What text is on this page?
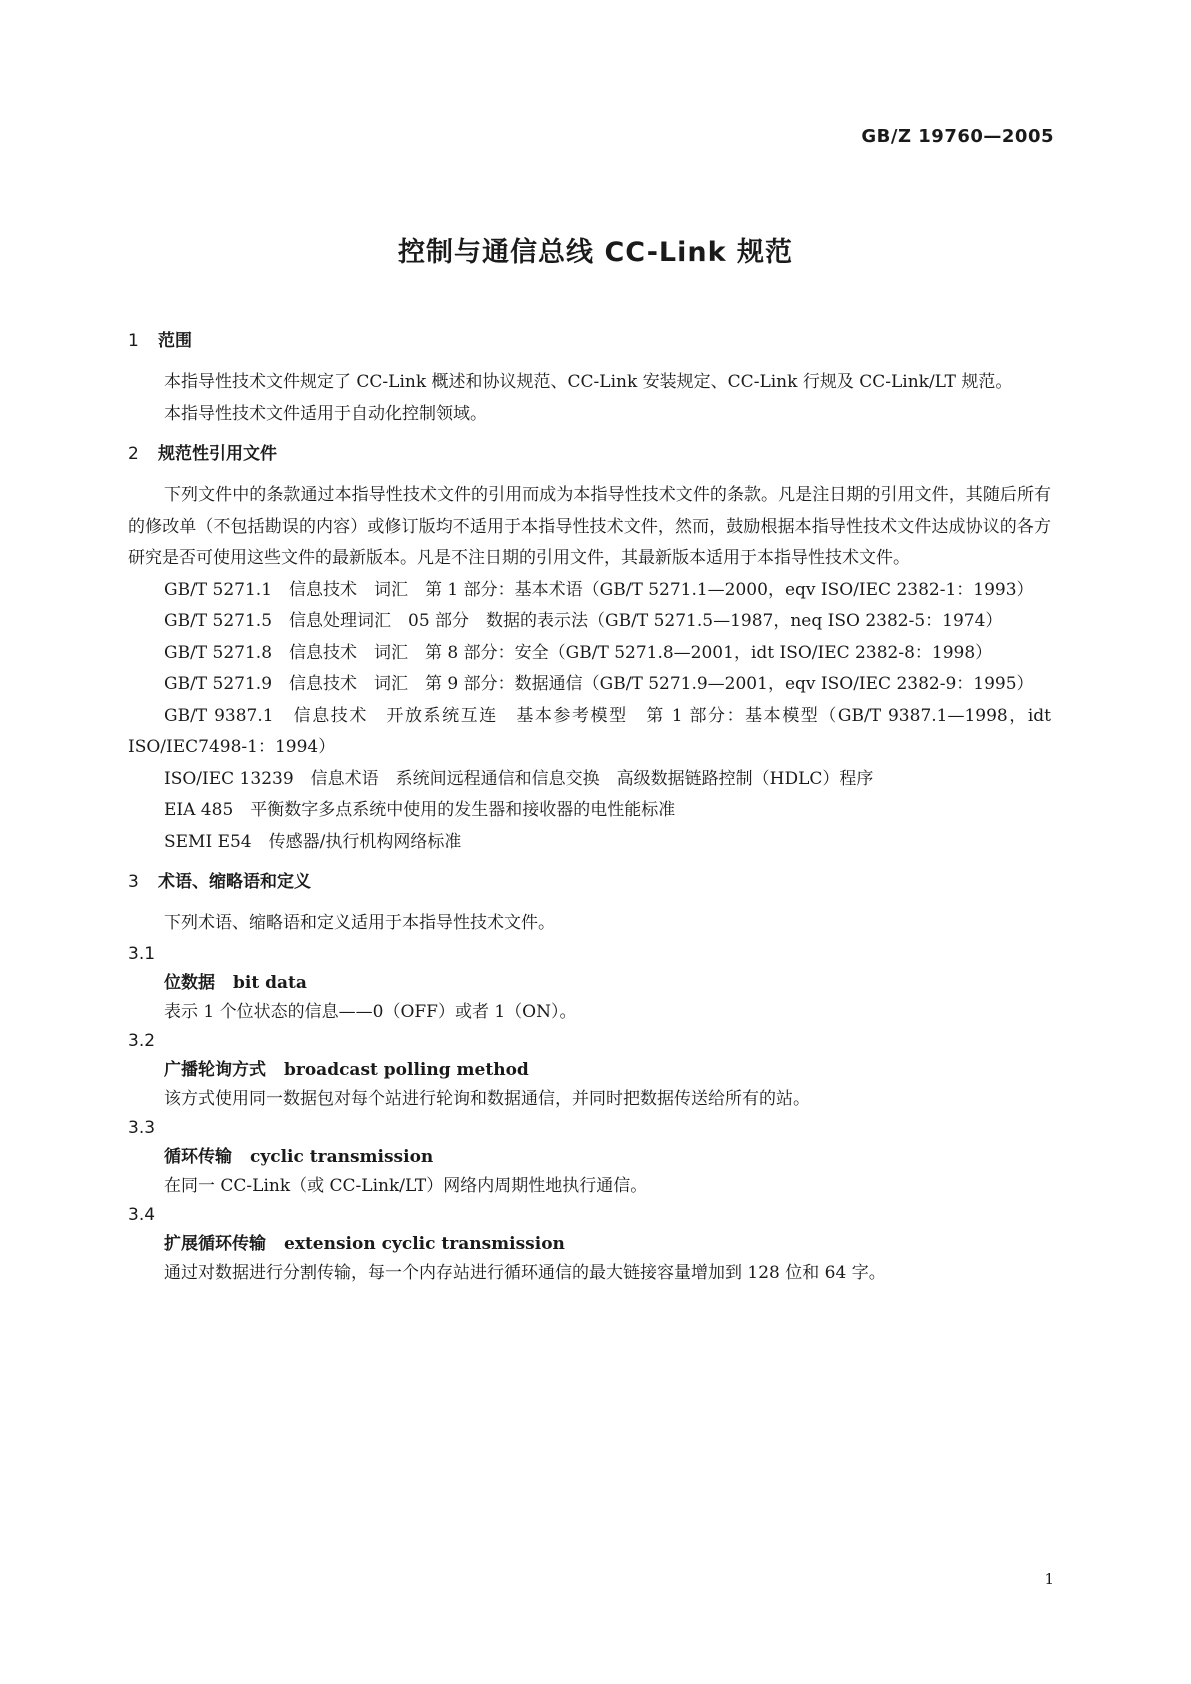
GB/Z 19760—2005
控制与通信总线 CC-Link 规范
1 范围

本指导性技术文件规定了 CC-Link 概述和协议规范、CC-Link 安装规定、CC-Link 行规及 CC-Link/LT 规范。

本指导性技术文件适用于自动化控制领域。

2 规范性引用文件

下列文件中的条款通过本指导性技术文件的引用而成为本指导性技术文件的条款。凡是注日期的引用文件，其随后所有的修改单（不包括勘误的内容）或修订版均不适用于本指导性技术文件，然而，鼓励根据本指导性技术文件达成协议的各方研究是否可使用这些文件的最新版本。凡是不注日期的引用文件，其最新版本适用于本指导性技术文件。

GB/T 5271.1　信息技术　词汇　第 1 部分：基本术语（GB/T 5271.1—2000，eqv ISO/IEC 2382-1：1993）

GB/T 5271.5　信息处理词汇　05 部分　数据的表示法（GB/T 5271.5—1987，neq ISO 2382-5：1974）

GB/T 5271.8　信息技术　词汇　第 8 部分：安全（GB/T 5271.8—2001，idt ISO/IEC 2382-8：1998）

GB/T 5271.9　信息技术　词汇　第 9 部分：数据通信（GB/T 5271.9—2001，eqv ISO/IEC 2382-9：1995）

GB/T 9387.1　信息技术　开放系统互连　基本参考模型　第 1 部分：基本模型（GB/T 9387.1—1998，idt ISO/IEC7498-1：1994）

ISO/IEC 13239　信息术语　系统间远程通信和信息交换　高级数据链路控制（HDLC）程序

EIA 485　平衡数字多点系统中使用的发生器和接收器的电性能标准

SEMI E54　传感器/执行机构网络标准

3 术语、缩略语和定义

下列术语、缩略语和定义适用于本指导性技术文件。

3.1

位数据 bit data

表示 1 个位状态的信息——0（OFF）或者 1（ON）。

3.2

广播轮询方式 broadcast polling method

该方式使用同一数据包对每个站进行轮询和数据通信，并同时把数据传送给所有的站。

3.3

循环传输 cyclic transmission

在同一 CC-Link（或 CC-Link/LT）网络内周期性地执行通信。

3.4

扩展循环传输 extension cyclic transmission

通过对数据进行分割传输，每一个内存站进行循环通信的最大链接容量增加到 128 位和 64 字。

1
